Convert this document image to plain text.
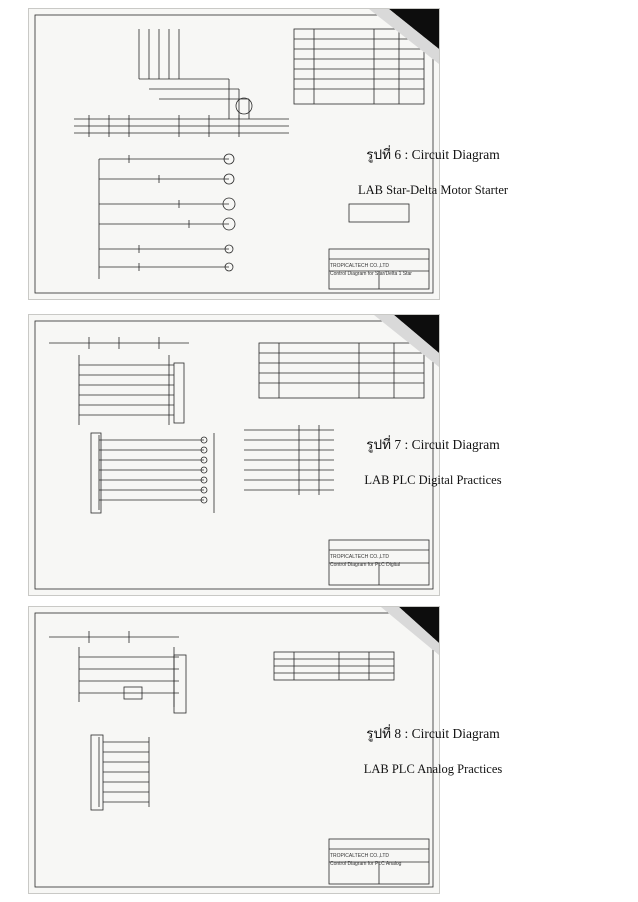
รูปที่ 6 : Circuit Diagram
LAB Star-Delta Motor Starter
รูปที่ 7 : Circuit Diagram
LAB PLC Digital Practices
รูปที่ 8 : Circuit Diagram
LAB PLC Analog Practices
TROPICALTECH CO.,LTD
Control Diagram for Star/Delta 1 Star
TROPICALTECH CO.,LTD
Control Diagram for PLC Digital
TROPICALTECH CO.,LTD
Control Diagram for PLC Analog
